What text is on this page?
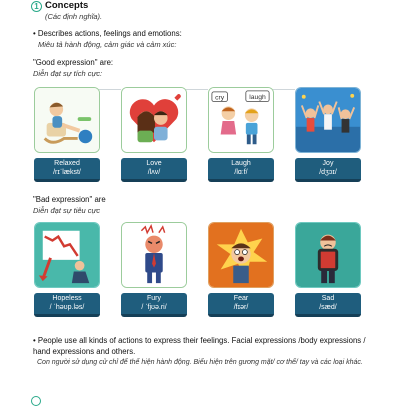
1 Concepts
(Các định nghĩa).
• Describes actions, feelings and emotions:
Miêu tả hành động, cảm giác và cảm xúc:
"Good expression" are:
Diễn đạt sự tích cực:
Relaxed
/rɪˈlækst/
Love
/lʌv/
cry	laugh
Laugh
/lɑːf/
Joy
/dʒɔɪ/
"Bad expression" are
Diễn đạt sự tiêu cực
Hopeless
/ ˈhəʊp.ləs/
Fury
/ ˈfjʊə.ri/
Fear
/fɪər/
Sad
/sæd/
• People use all kinds of actions to express their feelings. Facial expressions /body expressions / hand expressions and others.
Con người sử dụng cử chỉ để thể hiện hành động. Biểu hiện trên gương mặt/ cơ thể/ tay và các loại khác.
